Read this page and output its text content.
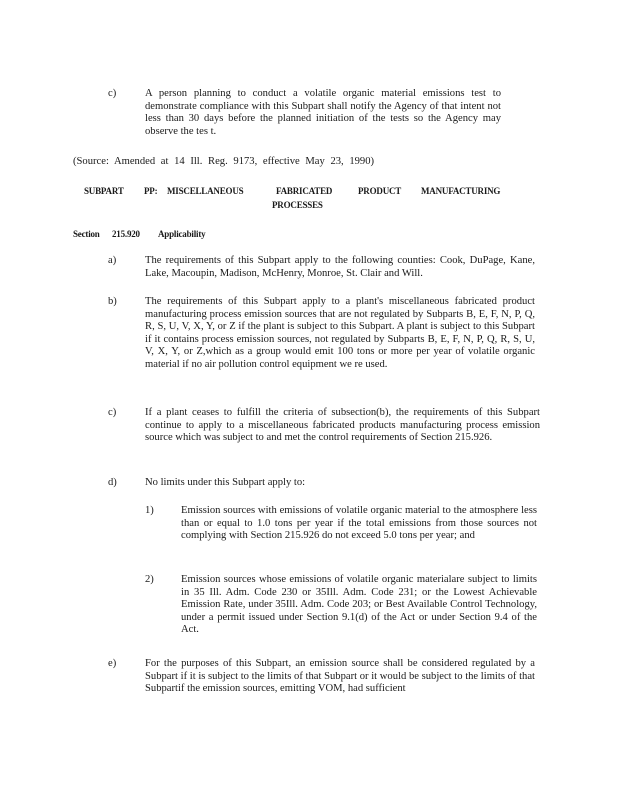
c)	A person planning to conduct a volatile organic material emissions test to demonstrate compliance with this Subpart shall notify the Agency of that intent not less than 30 days before the planned initiation of the tests so the Agency may observe the tes t.
(Source: Amended at 14 Ill. Reg. 9173, effective May 23, 1990)
SUBPART PP: MISCELLANEOUS	FABRICATED
PROCESSES
PRODUCT MANUFACTURING
Section 215.920 Applicability
a)	The requirements of this Subpart apply to the following counties: Cook, DuPage, Kane, Lake, Macoupin, Madison, McHenry, Monroe, St. Clair and Will.
b)	The requirements of this Subpart apply to a plant's miscellaneous fabricated product manufacturing process emission sources that are not regulated by Subparts B, E, F, N, P, Q, R, S, U, V, X, Y, or Z if the plant is subject to this Subpart. A plant is subject to this Subpart if it contains process emission sources, not regulated by Subparts B, E, F, N, P, Q, R, S, U, V, X, Y, or Z,which as a group would emit 100 tons or more per year of volatile organic material if no air pollution control equipment we re used.
c)	If a plant ceases to fulfill the criteria of subsection(b), the requirements of this Subpart continue to apply to a miscellaneous fabricated products manufacturing process emission source which was subject to and met the control requirements of Section 215.926.
d)	No limits under this Subpart apply to:
1)	Emission sources with emissions of volatile organic material to the atmosphere less than or equal to 1.0 tons per year if the total emissions from those sources not complying with Section 215.926 do not exceed 5.0 tons per year; and
2)	Emission sources whose emissions of volatile organic materialare subject to limits in 35 Ill. Adm. Code 230 or 35Ill. Adm. Code 231; or the Lowest Achievable Emission Rate, under 35Ill. Adm. Code 203; or Best Available Control Technology, under a permit issued under Section 9.1(d) of the Act or under Section 9.4 of the Act.
e)	For the purposes of this Subpart, an emission source shall be considered regulated by a Subpart if it is subject to the limits of that Subpart or it would be subject to the limits of that Subpartif the emission sources, emitting VOM, had sufficient
